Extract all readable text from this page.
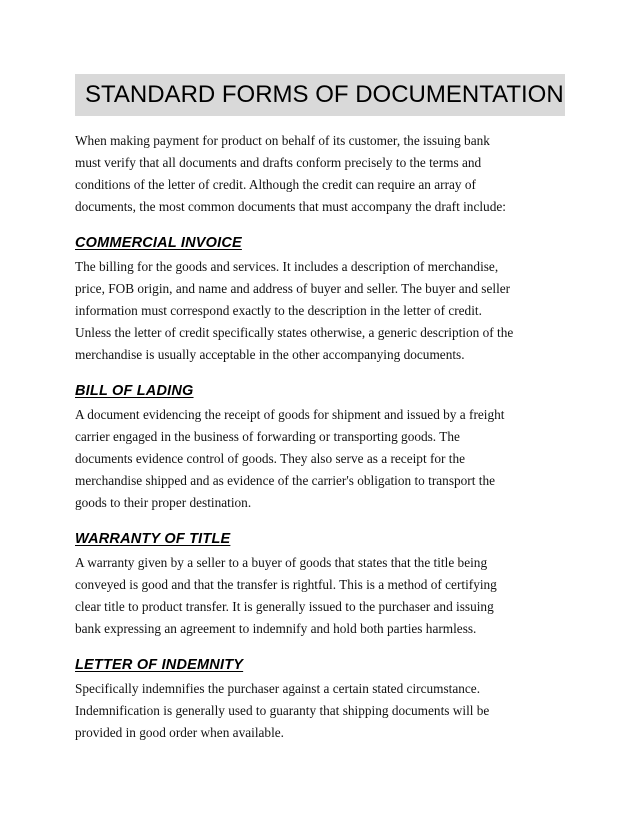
STANDARD FORMS OF DOCUMENTATION

When making payment for product on behalf of its customer, the issuing bank
must verify that all documents and drafts conform precisely to the terms and
conditions of the letter of credit. Although the credit can require an array of
documents, the most common documents that must accompany the draft include:

COMMERCIAL INVOICE

The billing for the goods and services. It includes a description of merchandise,
price, FOB origin, and name and address of buyer and seller. The buyer and seller
information must correspond exactly to the description in the letter of credit.
Unless the letter of credit specifically states otherwise, a generic description of the
merchandise is usually acceptable in the other accompanying documents.

BILL OF LADING

A document evidencing the receipt of goods for shipment and issued by a freight
carrier engaged in the business of forwarding or transporting goods. The
documents evidence control of goods. They also serve as a receipt for the
merchandise shipped and as evidence of the carrier's obligation to transport the
goods to their proper destination.

WARRANTY OF TITLE

A warranty given by a seller to a buyer of goods that states that the title being
conveyed is good and that the transfer is rightful. This is a method of certifying
clear title to product transfer. It is generally issued to the purchaser and issuing
bank expressing an agreement to indemnify and hold both parties harmless.

LETTER OF INDEMNITY

Specifically indemnifies the purchaser against a certain stated circumstance.
Indemnification is generally used to guaranty that shipping documents will be
provided in good order when available.
